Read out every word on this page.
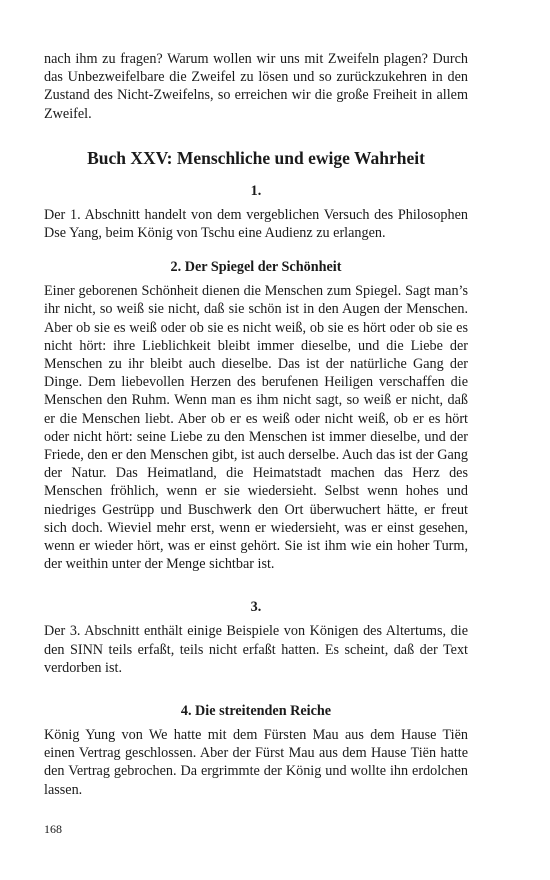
nach ihm zu fragen? Warum wollen wir uns mit Zweifeln plagen? Durch das Unbezweifelbare die Zweifel zu lösen und so zurückzukehren in den Zustand des Nicht-Zweifelns, so erreichen wir die große Freiheit in allem Zweifel.

Buch XXV: Menschliche und ewige Wahrheit
1.

Der 1. Abschnitt handelt von dem vergeblichen Versuch des Philosophen Dse Yang, beim König von Tschu eine Audienz zu erlangen.

2. Der Spiegel der Schönheit

Einer geborenen Schönheit dienen die Menschen zum Spiegel. Sagt man’s ihr nicht, so weiß sie nicht, daß sie schön ist in den Augen der Menschen. Aber ob sie es weiß oder ob sie es nicht weiß, ob sie es hört oder ob sie es nicht hört: ihre Lieblichkeit bleibt immer dieselbe, und die Liebe der Menschen zu ihr bleibt auch dieselbe. Das ist der natürliche Gang der Dinge. Dem liebevollen Herzen des berufenen Heiligen verschaffen die Menschen den Ruhm. Wenn man es ihm nicht sagt, so weiß er nicht, daß er die Menschen liebt. Aber ob er es weiß oder nicht weiß, ob er es hört oder nicht hört: seine Liebe zu den Menschen ist immer dieselbe, und der Friede, den er den Menschen gibt, ist auch derselbe. Auch das ist der Gang der Natur. Das Heimatland, die Heimatstadt machen das Herz des Menschen fröhlich, wenn er sie wiedersieht. Selbst wenn hohes und niedriges Gestrüpp und Buschwerk den Ort überwuchert hätte, er freut sich doch. Wieviel mehr erst, wenn er wiedersieht, was er einst gesehen, wenn er wieder hört, was er einst gehört. Sie ist ihm wie ein hoher Turm, der weithin unter der Menge sichtbar ist.

3.

Der 3. Abschnitt enthält einige Beispiele von Königen des Altertums, die den SINN teils erfaßt, teils nicht erfaßt hatten. Es scheint, daß der Text verdorben ist.

4. Die streitenden Reiche

König Yung von We hatte mit dem Fürsten Mau aus dem Hause Tiën einen Vertrag geschlossen. Aber der Fürst Mau aus dem Hause Tiën hatte den Vertrag gebrochen. Da ergrimmte der König und wollte ihn erdolchen lassen.

168
